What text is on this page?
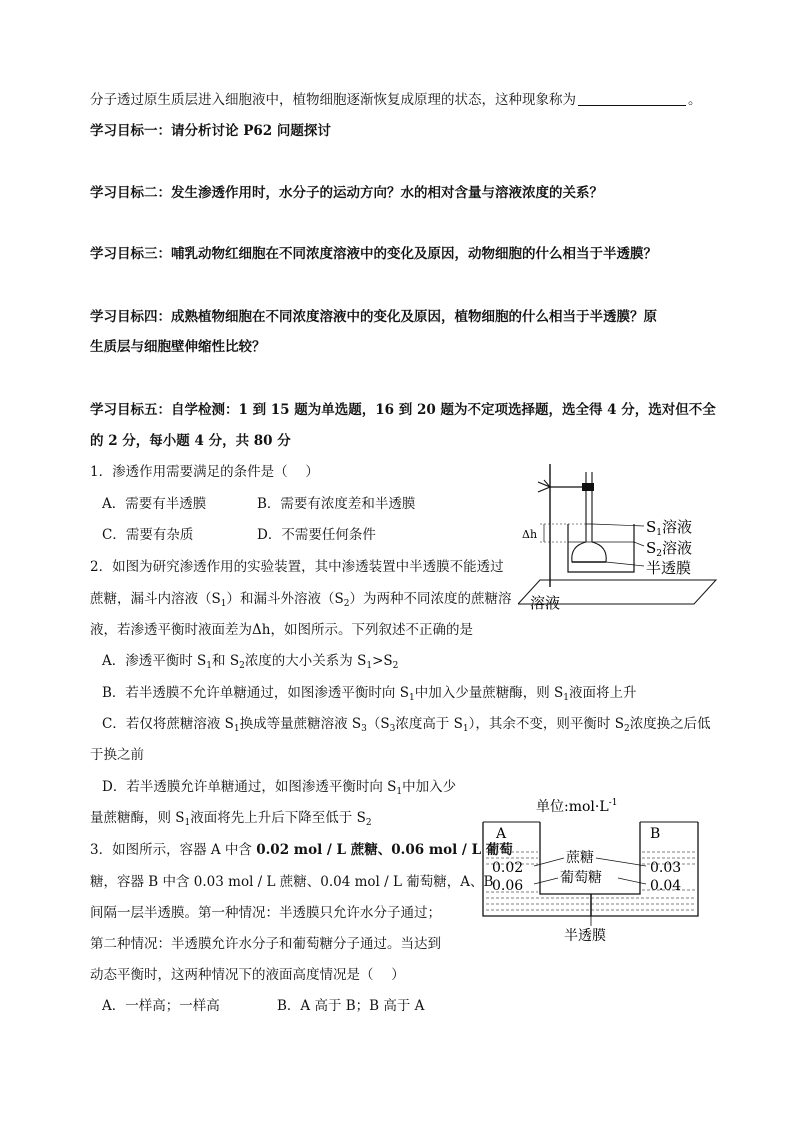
分子透过原生质层进入细胞液中，植物细胞逐渐恢复成原理的状态，这种现象称为	。
学习目标一：请分析讨论 P62 问题探讨
学习目标二：发生渗透作用时，水分子的运动方向？水的相对含量与溶液浓度的关系？
学习目标三：哺乳动物红细胞在不同浓度溶液中的变化及原因，动物细胞的什么相当于半透膜？
学习目标四：成熟植物细胞在不同浓度溶液中的变化及原因，植物细胞的什么相当于半透膜？原
生质层与细胞壁伸缩性比较？
学习目标五：自学检测：1 到 15 题为单选题，16 到 20 题为不定项选择题，选全得 4 分，选对但不全
的 2 分，每小题 4 分，共 80 分
1．渗透作用需要满足的条件是（　 ）
A．需要有半透膜	B．需要有浓度差和半透膜
C．需要有杂质	D．不需要任何条件
2．如图为研究渗透作用的实验装置，其中渗透装置中半透膜不能透过
蔗糖，漏斗内溶液$(S_1)$和漏斗外溶液$(S_2)$为两种不同浓度的蔗糖溶
液，若渗透平衡时液面差为Δh，如图所示。下列叙述不正确的是
A．渗透平衡时 $S_1$和 $S_2$浓度的大小关系为 $S_1>S_2$
B．若半透膜不允许单糖通过，如图渗透平衡时向 $S_1$中加入少量蔗糖酶，则 $S_1$液面将上升
C．若仅将蔗糖溶液 $S_1$换成等量蔗糖溶液 $S_3(S_3$浓度高于 $S_1$），其余不变，则平衡时 $S_2$浓度换之后低
于换之前
D．若半透膜允许单糖通过，如图渗透平衡时向 $S_1$中加入少
量蔗糖酶，则 $S_1$液面将先上升后下降至低于 $S_2$
3．如图所示，容器 A 中含 0.02 mol / L 蔗糖、0.06 mol / L 葡萄
糖，容器 B 中含 0.03 mol / L 蔗糖、0.04 mol / L 葡萄糖，A、B
间隔一层半透膜。第一种情况：半透膜只允许水分子通过；
第二种情况：半透膜允许水分子和葡萄糖分子通过。当达到
动态平衡时，这两种情况下的液面高度情况是（　 ）
A．一样高；一样高	B．A 高于 B；B 高于 A
Δh	$S_1$溶液
$S_2$溶液
半透膜
溶液
单位$:mol\cdot L^{-1}$
A	B
0.02
0.06
0.03
0.04
蔗糖
葡萄糖
半透膜
